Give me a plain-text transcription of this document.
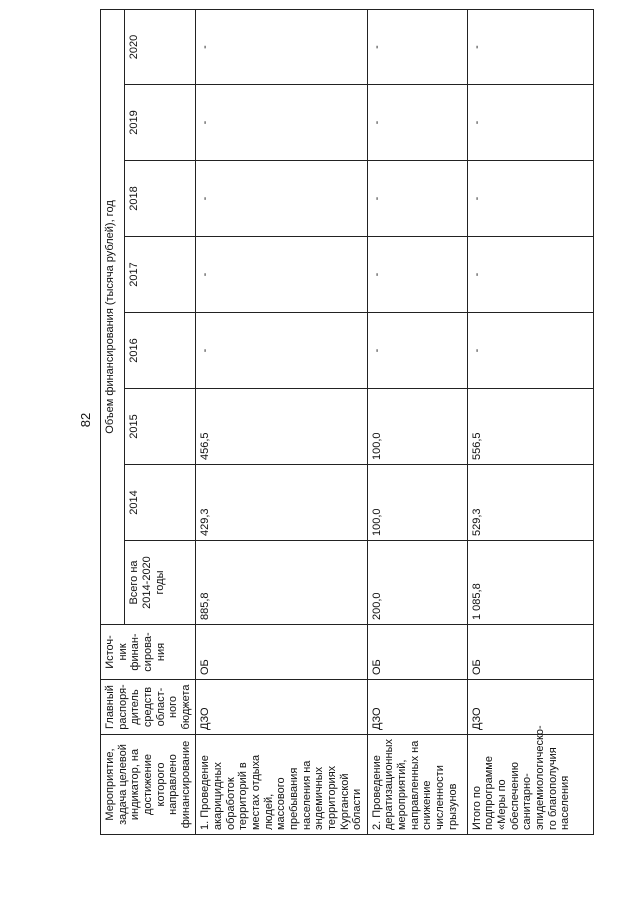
82
Мероприятие, задача целевой индикатор, на достижение которого направлено финансирование	Главный распоря-дитель средств област-ного бюджета	Источ-ник финан-сирова-ния	Объем финансирования (тысяча рублей), год							
			Всего на 2014-2020 годы	2014	2015	2016	2017	2018	2019	2020
1. Проведение акарицидных обработок территорий в местах отдыха людей, массового пребывания населения на эндемичных территориях Курганской области	ДЗО	ОБ	885,8	429,3	456,5	-	-	-	-	-
2. Проведение дератизационных мероприятий, направленных на снижение численности грызунов	ДЗО	ОБ	200,0	100,0	100,0	-	-	-	-	-
Итого по подпрограмме «Меры по обеспечению санитарно-эпидемиологическо-го благополучия населения	ДЗО	ОБ	1 085,8	529,3	556,5	-	-	-	-	-
